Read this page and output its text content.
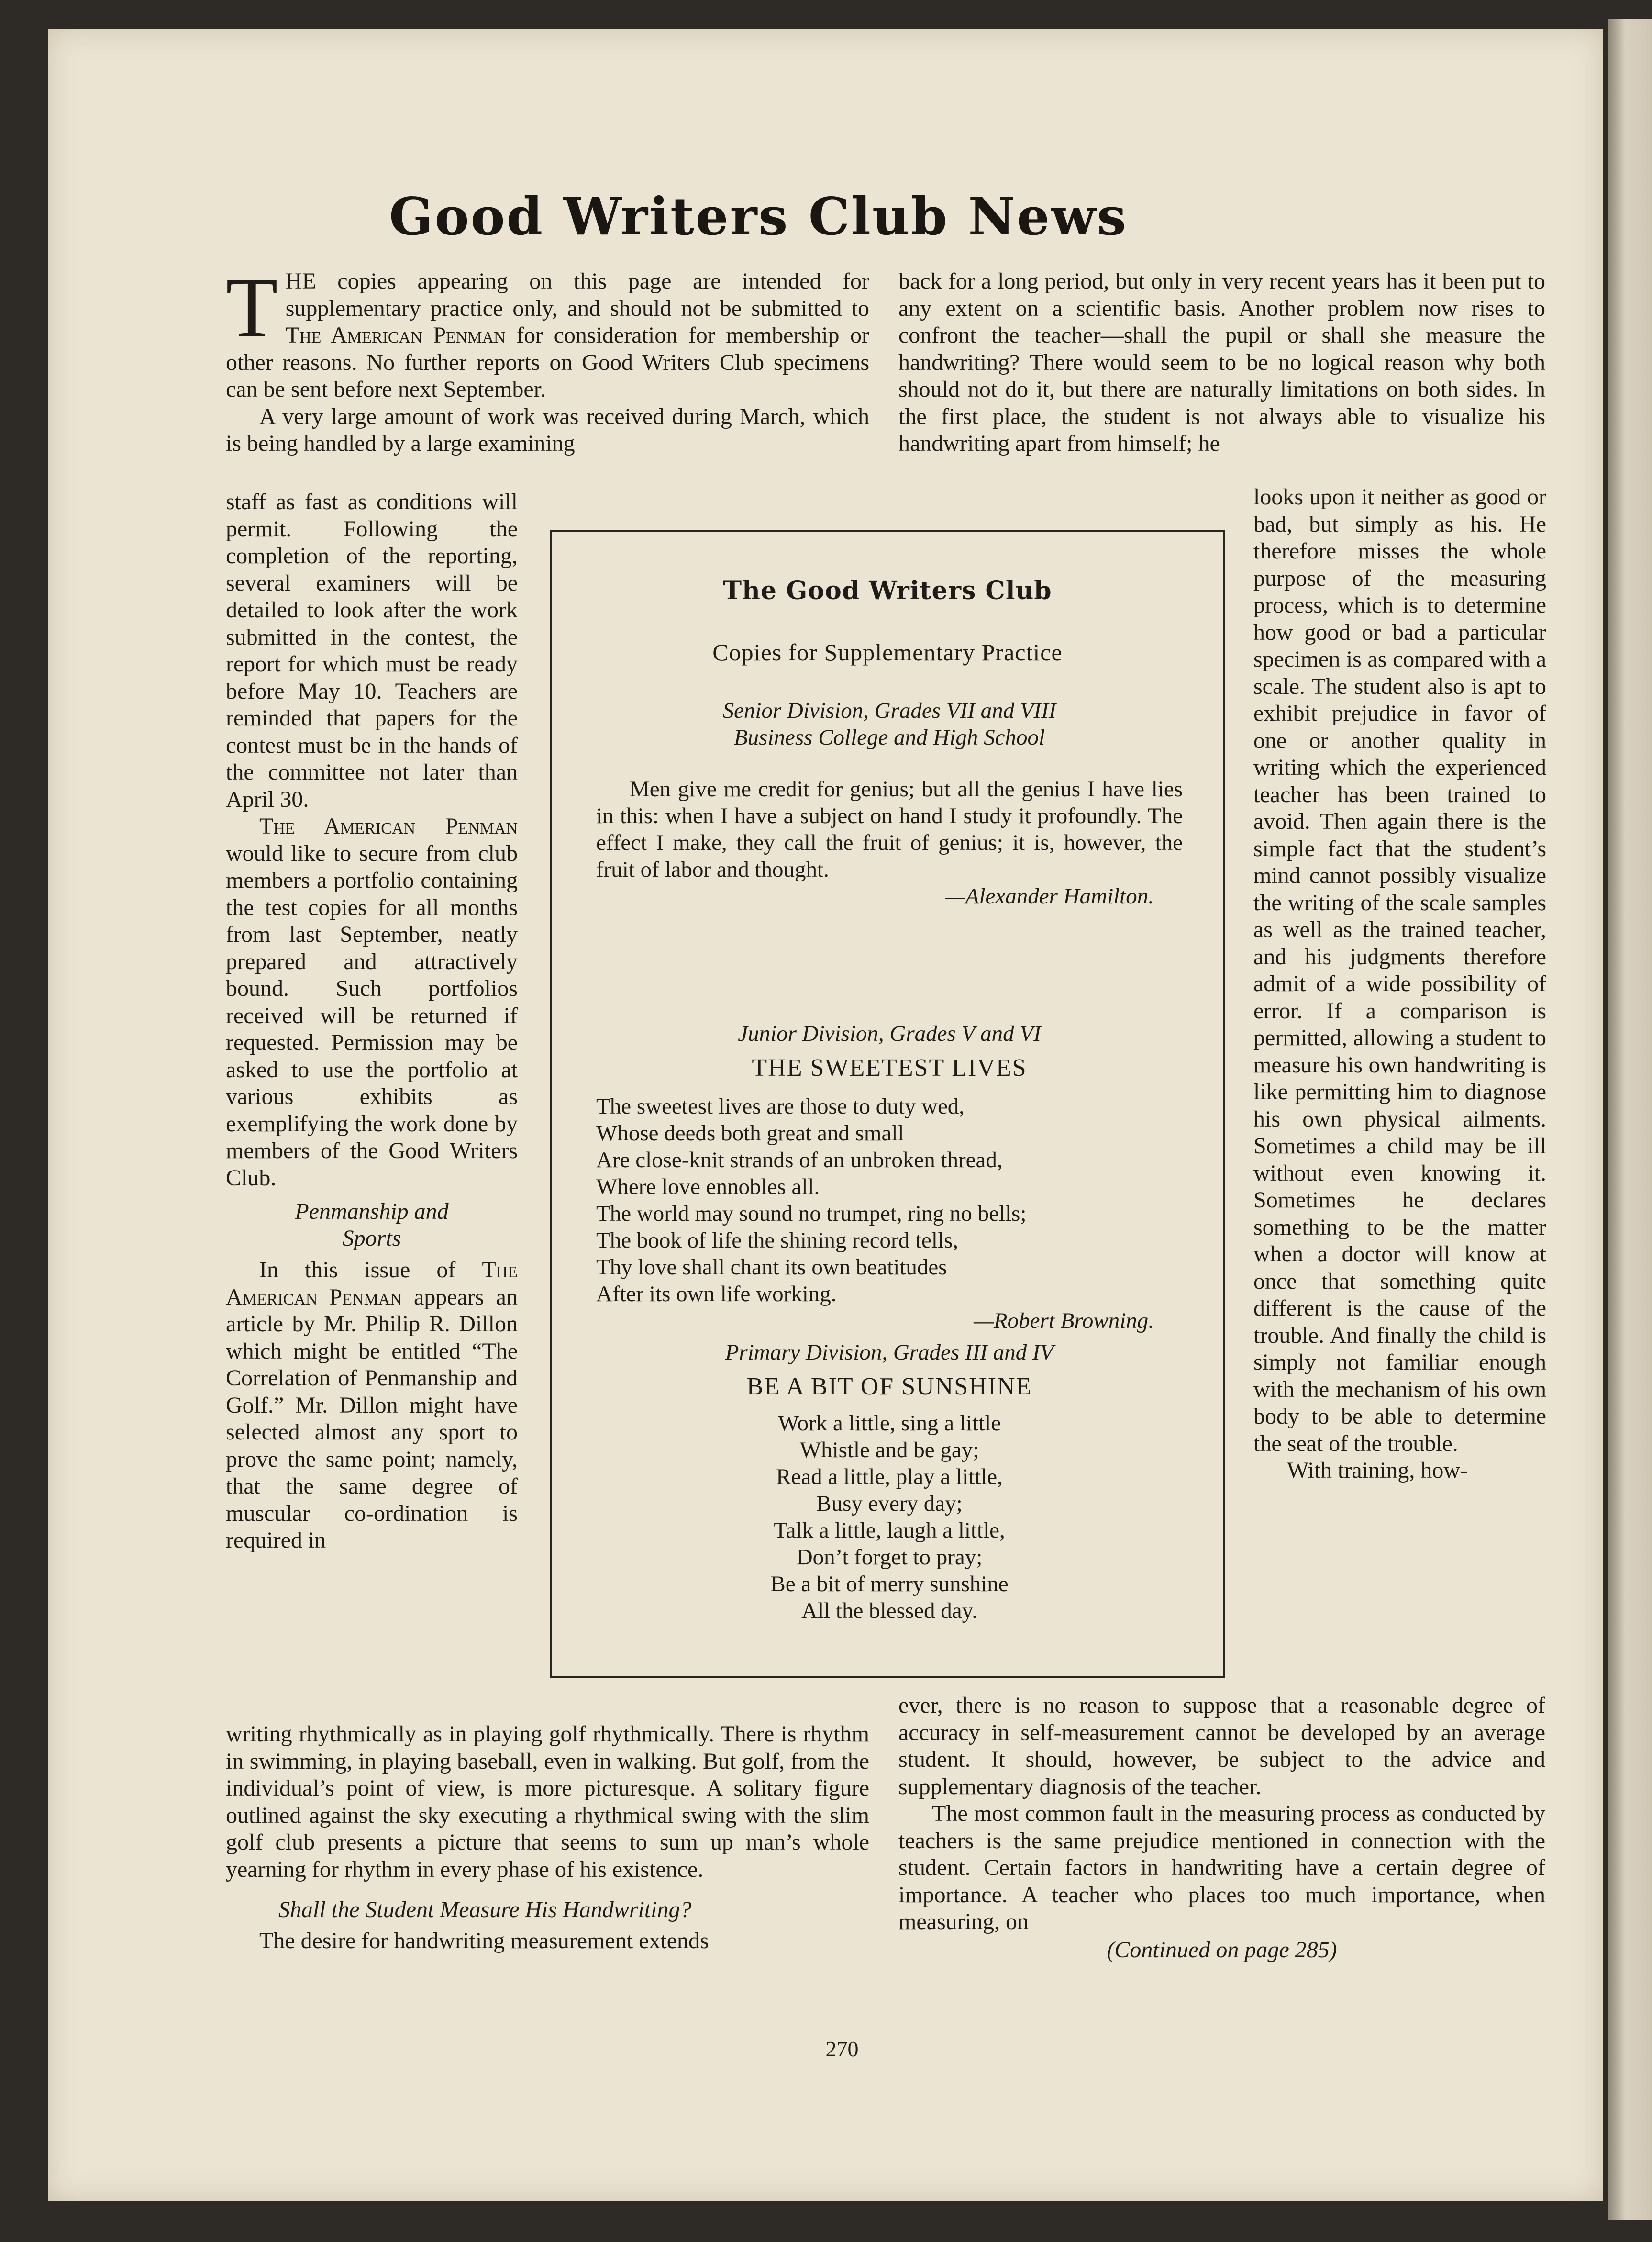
Good Writers Club News

THE copies appearing on this page are intended for supplementary practice only, and should not be submitted to The American Penman for consideration for membership or other reasons. No further reports on Good Writers Club specimens can be sent before next September.

A very large amount of work was received during March, which is being handled by a large examining

staff as fast as conditions will permit. Following the completion of the reporting, several examiners will be detailed to look after the work submitted in the contest, the report for which must be ready before May 10. Teachers are reminded that papers for the contest must be in the hands of the committee not later than April 30.

The American Penman would like to secure from club members a portfolio containing the test copies for all months from last September, neatly prepared and attractively bound. Such portfolios received will be returned if requested. Permission may be asked to use the portfolio at various exhibits as exemplifying the work done by members of the Good Writers Club.

Penmanship and
Sports

In this issue of The American Penman appears an article by Mr. Philip R. Dillon which might be entitled “The Correlation of Penmanship and Golf.” Mr. Dillon might have selected almost any sport to prove the same point; namely, that the same degree of muscular co-ordination is required in

writing rhythmically as in playing golf rhythmically. There is rhythm in swimming, in playing baseball, even in walking. But golf, from the individual’s point of view, is more picturesque. A solitary figure outlined against the sky executing a rhythmical swing with the slim golf club presents a picture that seems to sum up man’s whole yearning for rhythm in every phase of his existence.

Shall the Student Measure His Handwriting?

The desire for handwriting measurement extends

back for a long period, but only in very recent years has it been put to any extent on a scientific basis. Another problem now rises to confront the teacher—shall the pupil or shall she measure the handwriting? There would seem to be no logical reason why both should not do it, but there are naturally limitations on both sides. In the first place, the student is not always able to visualize his handwriting apart from himself; he

looks upon it neither as good or bad, but simply as his. He therefore misses the whole purpose of the measuring process, which is to determine how good or bad a particular specimen is as compared with a scale. The student also is apt to exhibit prejudice in favor of one or another quality in writing which the experienced teacher has been trained to avoid. Then again there is the simple fact that the student’s mind cannot possibly visualize the writing of the scale samples as well as the trained teacher, and his judgments therefore admit of a wide possibility of error. If a comparison is permitted, allowing a student to measure his own handwriting is like permitting him to diagnose his own physical ailments. Sometimes a child may be ill without even knowing it. Sometimes he declares something to be the matter when a doctor will know at once that something quite different is the cause of the trouble. And finally the child is simply not familiar enough with the mechanism of his own body to be able to determine the seat of the trouble.

With training, how-

ever, there is no reason to suppose that a reasonable degree of accuracy in self-measurement cannot be developed by an average student. It should, however, be subject to the advice and supplementary diagnosis of the teacher.

The most common fault in the measuring process as conducted by teachers is the same prejudice mentioned in connection with the student. Certain factors in handwriting have a certain degree of importance. A teacher who places too much importance, when measuring, on

(Continued on page 285)
The Good Writers Club
Copies for Supplementary Practice
Senior Division, Grades VII and VIII
Business College and High School
Men give me credit for genius; but all the genius I have lies in this: when I have a subject on hand I study it profoundly. The effect I make, they call the fruit of genius; it is, however, the fruit of labor and thought.
—Alexander Hamilton.
Junior Division, Grades V and VI
THE SWEETEST LIVES
The sweetest lives are those to duty wed,
Whose deeds both great and small
Are close-knit strands of an unbroken thread,
Where love ennobles all.
The world may sound no trumpet, ring no bells;
The book of life the shining record tells,
Thy love shall chant its own beatitudes
After its own life working.
—Robert Browning.
Primary Division, Grades III and IV
BE A BIT OF SUNSHINE
Work a little, sing a little
Whistle and be gay;
Read a little, play a little,
Busy every day;
Talk a little, laugh a little,
Don’t forget to pray;
Be a bit of merry sunshine
All the blessed day.
270
